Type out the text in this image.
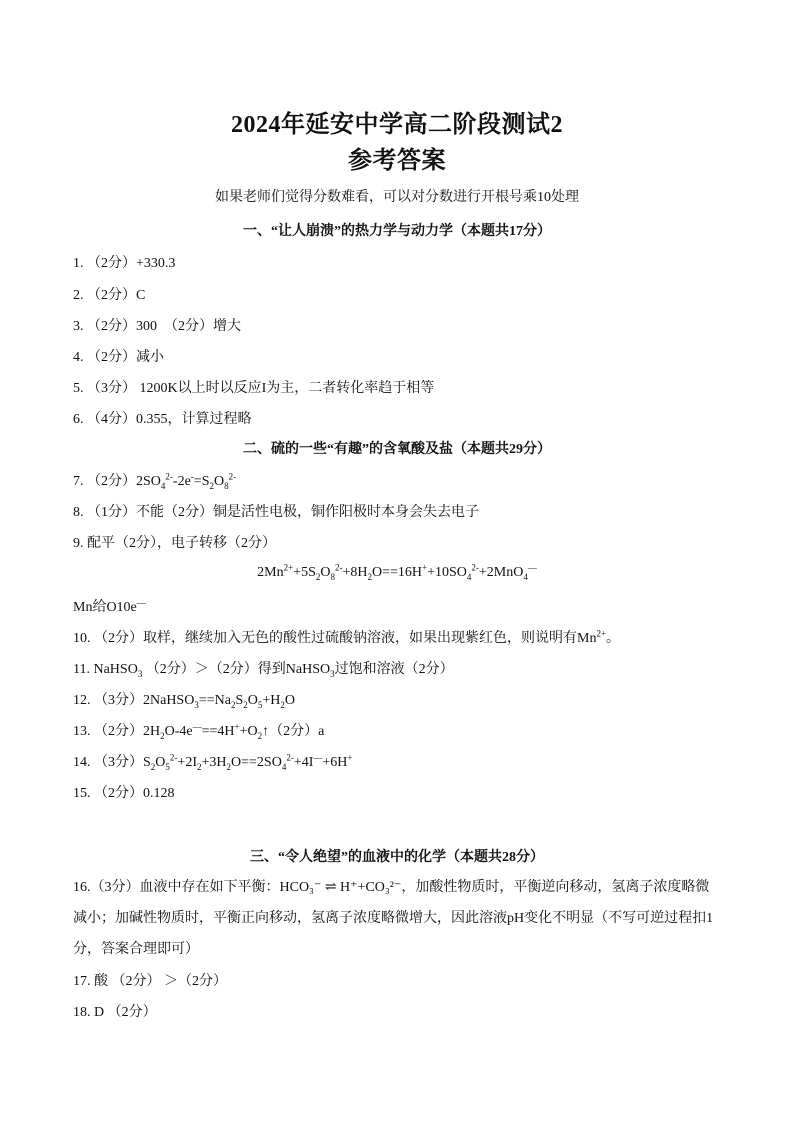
2024年延安中学高二阶段测试2
参考答案
如果老师们觉得分数难看，可以对分数进行开根号乘10处理
一、“让人崩溃”的热力学与动力学（本题共17分）
1. （2分）+330.3
2. （2分）C
3. （2分）300　（2分）增大
4. （2分）减小
5. （3分） 1200K以上时以反应I为主，二者转化率趋于相等
6. （4分）0.355，计算过程略
二、硫的一些“有趣”的含氧酸及盐（本题共29分）
7. （2分）$2SO_4^{2-}-2e^-=S_2O_8^{2-}$
8. （1分）不能（2分）铜是活性电极，铜作阳极时本身会失去电子
9. 配平（2分），电子转移（2分）
$2Mn^{2+}+5S_2O_8^{2-}+8H_2O==16H^++10SO_4^{2-}+2MnO_4^—$
Mn给O10e—
10. （2分）取样，继续加入无色的酸性过硫酸钠溶液，如果出现紫红色，则说明有$Mn^{2+}$。
11. NaHSO$_3$ （2分）＞（2分）得到NaHSO$_3$过饱和溶液（2分）
12. （3分）$2NaHSO_3==Na_2S_2O_5+H_2O$
13. （2分）$2H_2O-4e^—==4H^++O_2↑(2$分）a
14. （3分）$S_2O_5^{2-}+2I_2+3H_2O==2SO_4^{2-}+4I^—+6H^+$
15. （2分）0.128
三、“令人绝望”的血液中的化学（本题共28分）
16.（3分）血液中存在如下平衡：HCO₃⁻ ⇌ H⁺+CO₃²⁻，加酸性物质时，平衡逆向移动，氢离子浓度略微减小；加碱性物质时，平衡正向移动，氢离子浓度略微增大，因此溶液pH变化不明显（不写可逆过程扣1分，答案合理即可）
17. 酸 （2分） ＞（2分）
18. D （2分）
